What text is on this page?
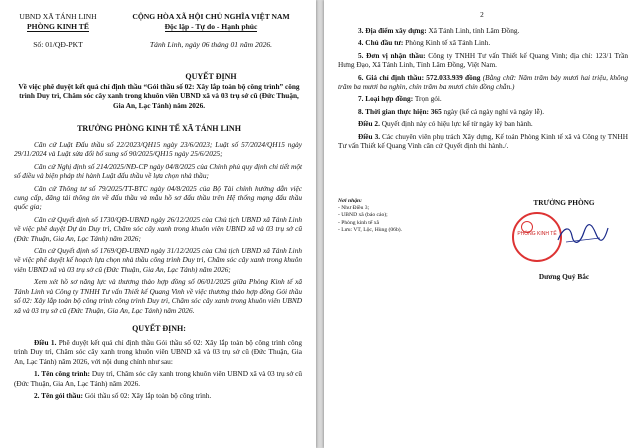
UBND XÃ TÁNH LINH
PHÒNG KINH TẾ
Số: 01/QĐ-PKT
CỘNG HÒA XÃ HỘI CHỦ NGHĨA VIỆT NAM
Độc lập - Tự do - Hạnh phúc
Tánh Linh, ngày 06 tháng 01 năm 2026.
QUYẾT ĐỊNH
Về việc phê duyệt kết quả chỉ định thầu “Gói thầu số 02: Xây lắp toàn bộ công trình” công trình Duy trì, Chăm sóc cây xanh trong khuôn viên UBND xã và 03 trụ sở cũ (Đức Thuận, Gia An, Lạc Tánh) năm 2026.
TRƯỞNG PHÒNG KINH TẾ XÃ TÁNH LINH
Căn cứ Luật Đấu thầu số 22/2023/QH15 ngày 23/6/2023; Luật số 57/2024/QH15 ngày 29/11/2024 và Luật sửa đổi bổ sung số 90/2025/QH15 ngày 25/6/2025;
Căn cứ Nghị định số 214/2025/NĐ-CP ngày 04/8/2025 của Chính phủ quy định chi tiết một số điều và biện pháp thi hành Luật đấu thầu về lựa chọn nhà thầu;
Căn cứ Thông tư số 79/2025/TT-BTC ngày 04/8/2025 của Bộ Tài chính hướng dẫn việc cung cấp, đăng tải thông tin về đấu thầu và mẫu hồ sơ đấu thầu trên Hệ thống mạng đấu thầu quốc gia;
Căn cứ Quyết định số 1730/QĐ-UBND ngày 26/12/2025 của Chủ tịch UBND xã Tánh Linh về việc phê duyệt Dự án Duy trì, Chăm sóc cây xanh trong khuôn viên UBND xã và 03 trụ sở cũ (Đức Thuận, Gia An, Lạc Tánh) năm 2026;
Căn cứ Quyết định số 1769/QĐ-UBND ngày 31/12/2025 của Chủ tịch UBND xã Tánh Linh về việc phê duyệt kế hoạch lựa chọn nhà thầu công trình Duy trì, Chăm sóc cây xanh trong khuôn viên UBND xã và 03 trụ sở cũ (Đức Thuận, Gia An, Lạc Tánh) năm 2026;
Xem xét hồ sơ năng lực và thương thảo hợp đồng số 06/01/2025 giữa Phòng Kinh tế xã Tánh Linh và Công ty TNHH Tư vấn Thiết kế Quang Vinh về việc thương thảo hợp đồng Gói thầu số 02: Xây lắp toàn bộ công trình công trình Duy trì, Chăm sóc cây xanh trong khuôn viên UBND xã và 03 trụ sở cũ (Đức Thuận, Gia An, Lạc Tánh) năm 2026.
QUYẾT ĐỊNH:
Điều 1. Phê duyệt kết quả chỉ định thầu Gói thầu số 02: Xây lắp toàn bộ công trình công trình Duy trì, Chăm sóc cây xanh trong khuôn viên UBND xã và 03 trụ sở cũ (Đức Thuận, Gia An, Lạc Tánh) năm 2026, với nội dung chính như sau:
1. Tên công trình: Duy trì, Chăm sóc cây xanh trong khuôn viên UBND xã và 03 trụ sở cũ (Đức Thuận, Gia An, Lạc Tánh) năm 2026.
2. Tên gói thầu: Gói thầu số 02: Xây lắp toàn bộ công trình.
2
3. Địa điểm xây dựng: Xã Tánh Linh, tỉnh Lâm Đồng.
4. Chủ đầu tư: Phòng Kinh tế xã Tánh Linh.
5. Đơn vị nhận thầu: Công ty TNHH Tư vấn Thiết kế Quang Vinh; địa chỉ: 123/1 Trần Hưng Đạo, Xã Tánh Linh, Tỉnh Lâm Đồng, Việt Nam.
6. Giá chỉ định thầu: 572.033.939 đồng (Bằng chữ: Năm trăm bảy mươi hai triệu, không trăm ba mươi ba nghìn, chín trăm ba mươi chín đồng chẵn.)
7. Loại hợp đồng: Trọn gói.
8. Thời gian thực hiện: 365 ngày (kể cả ngày nghỉ và ngày lễ).
Điều 2. Quyết định này có hiệu lực kể từ ngày ký ban hành.
Điều 3. Các chuyên viên phụ trách Xây dựng, Kế toán Phòng Kinh tế xã và Công ty TNHH Tư vấn Thiết kế Quang Vinh căn cứ Quyết định thi hành./.
Nơi nhận:
- Như Điều 3;
- UBND xã (báo cáo);
- Phòng kinh tế xã
- Lưu: VT, Lộc, Hùng (06b).
TRƯỞNG PHÒNG
PHÒNG KINH TẾ
Dương Quý Bắc
